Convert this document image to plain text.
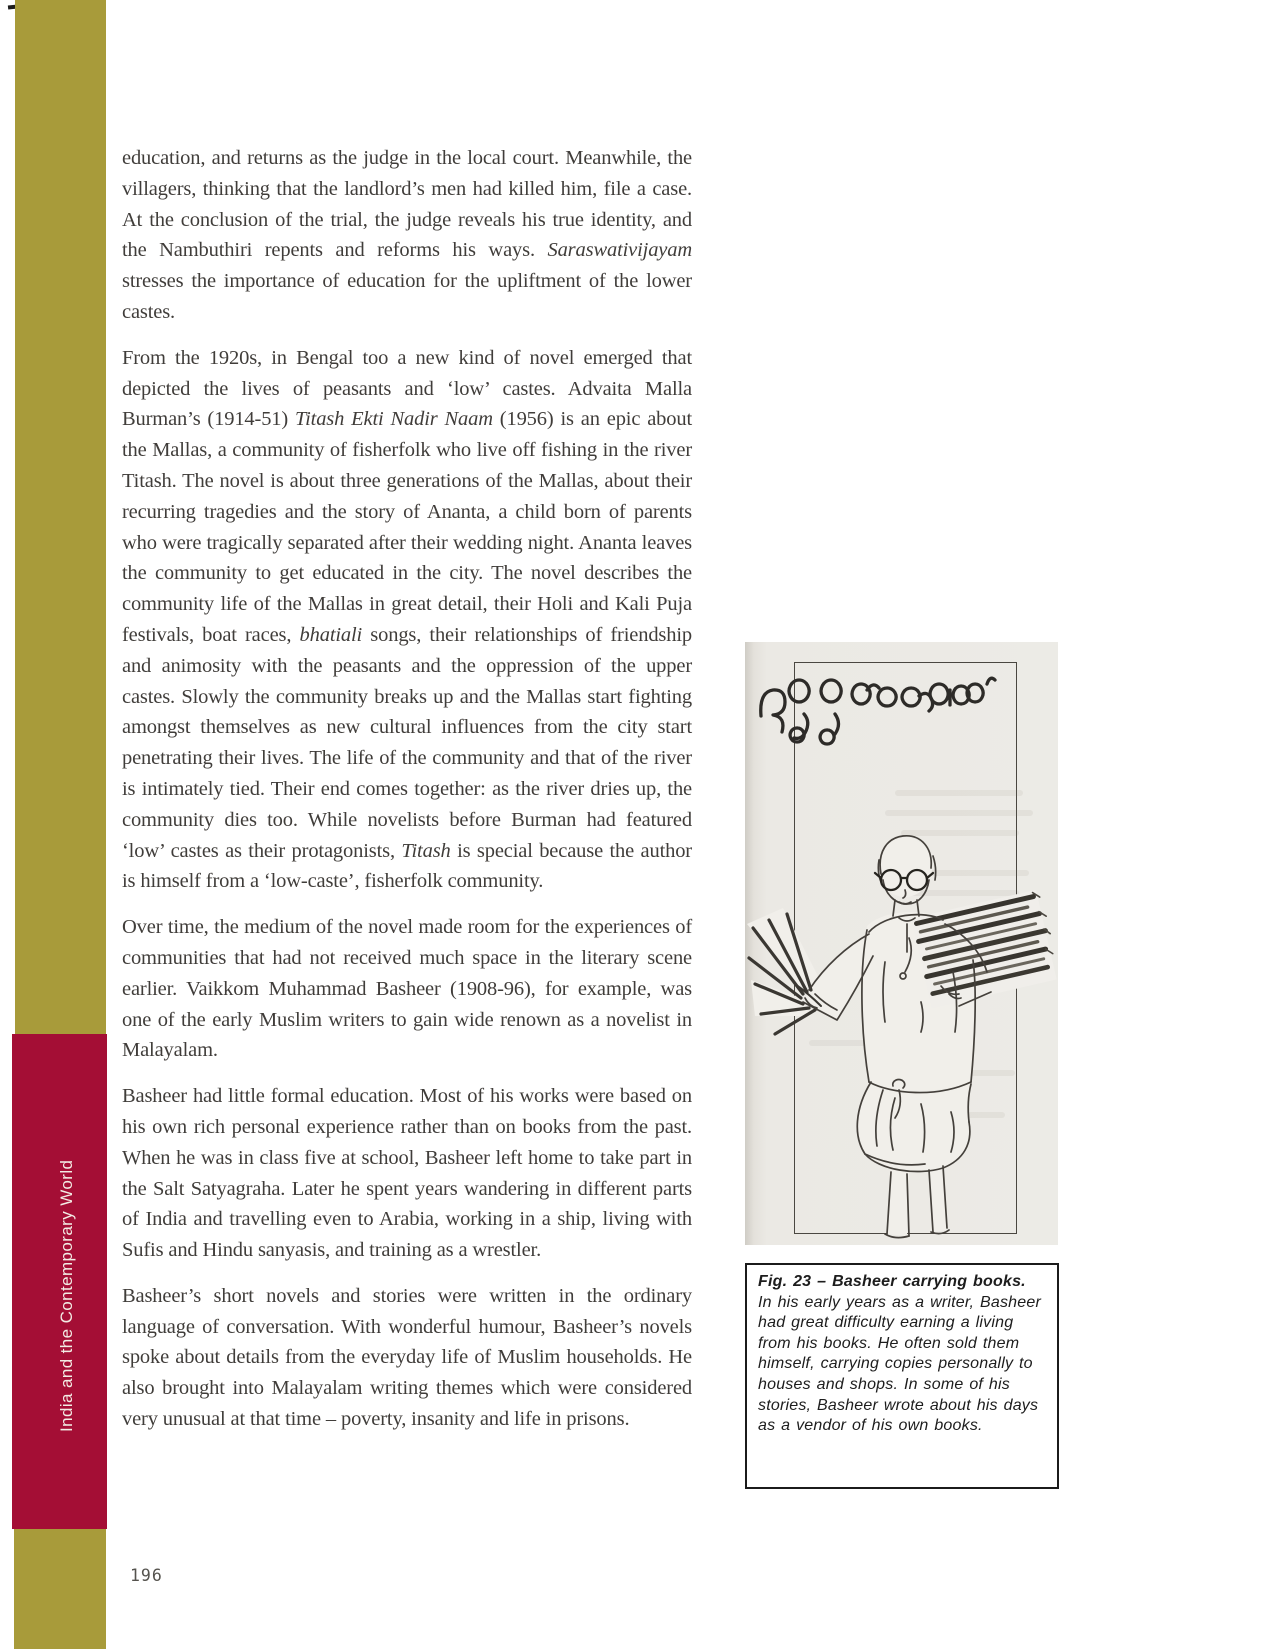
India and the Contemporary World

education, and returns as the judge in the local court. Meanwhile, the villagers, thinking that the landlord’s men had killed him, file a case. At the conclusion of the trial, the judge reveals his true identity, and the Nambuthiri repents and reforms his ways. Saraswativijayam stresses the importance of education for the upliftment of the lower castes.

From the 1920s, in Bengal too a new kind of novel emerged that depicted the lives of peasants and ‘low’ castes. Advaita Malla Burman’s (1914-51) Titash Ekti Nadir Naam (1956) is an epic about the Mallas, a community of fisherfolk who live off fishing in the river Titash. The novel is about three generations of the Mallas, about their recurring tragedies and the story of Ananta, a child born of parents who were tragically separated after their wedding night. Ananta leaves the community to get educated in the city. The novel describes the community life of the Mallas in great detail, their Holi and Kali Puja festivals, boat races, bhatiali songs, their relationships of friendship and animosity with the peasants and the oppression of the upper castes. Slowly the community breaks up and the Mallas start fighting amongst themselves as new cultural influences from the city start penetrating their lives. The life of the community and that of the river is intimately tied. Their end comes together: as the river dries up, the community dies too. While novelists before Burman had featured ‘low’ castes as their protagonists, Titash is special because the author is himself from a ‘low-caste’, fisherfolk community.

Over time, the medium of the novel made room for the experiences of communities that had not received much space in the literary scene earlier. Vaikkom Muhammad Basheer (1908-96), for example, was one of the early Muslim writers to gain wide renown as a novelist in Malayalam.

Basheer had little formal education. Most of his works were based on his own rich personal experience rather than on books from the past. When he was in class five at school, Basheer left home to take part in the Salt Satyagraha. Later he spent years wandering in different parts of India and travelling even to Arabia, working in a ship, living with Sufis and Hindu sanyasis, and training as a wrestler.

Basheer’s short novels and stories were written in the ordinary language of conversation. With wonderful humour, Basheer’s novels spoke about details from the everyday life of Muslim households. He also brought into Malayalam writing themes which were considered very unusual at that time – poverty, insanity and life in prisons.

Fig. 23 – Basheer carrying books.
In his early years as a writer, Basheer had great difficulty earning a living from his books. He often sold them himself, carrying copies personally to houses and shops. In some of his stories, Basheer wrote about his days as a vendor of his own books.
196
